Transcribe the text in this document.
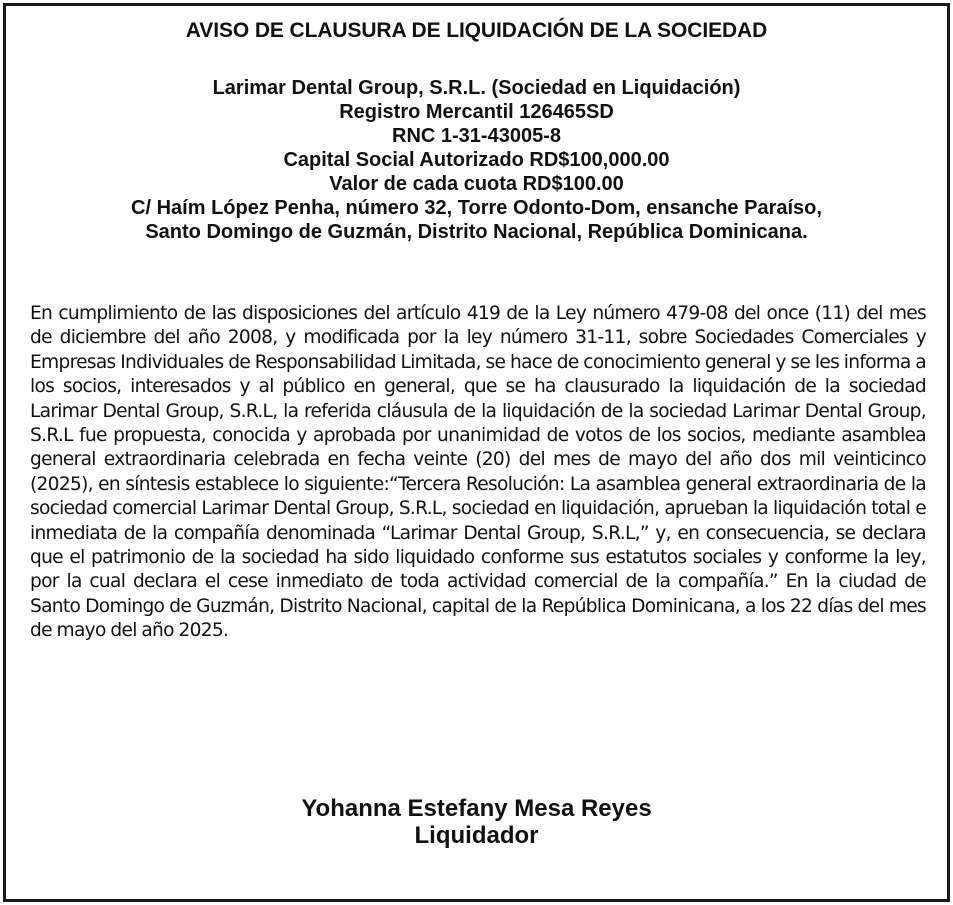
AVISO DE CLAUSURA DE LIQUIDACIÓN DE LA SOCIEDAD
Larimar Dental Group, S.R.L. (Sociedad en Liquidación)
Registro Mercantil 126465SD
RNC 1-31-43005-8
Capital Social Autorizado RD$100,000.00
Valor de cada cuota RD$100.00
C/ Haím López Penha, número 32, Torre Odonto-Dom, ensanche Paraíso,
Santo Domingo de Guzmán, Distrito Nacional, República Dominicana.
En cumplimiento de las disposiciones del artículo 419 de la Ley número 479-08 del once (11) del mes de diciembre del año 2008, y modificada por la ley número 31-11, sobre Sociedades Comerciales y Empresas Individuales de Responsabilidad Limitada, se hace de conocimiento general y se les informa a los socios, interesados y al público en general, que se ha clausurado la liquidación de la sociedad Larimar Dental Group, S.R.L, la referida cláusula de la liquidación de la sociedad Larimar Dental Group, S.R.L fue propuesta, conocida y aprobada por unanimidad de votos de los socios, mediante asamblea general extraordinaria celebrada en fecha veinte (20) del mes de mayo del año dos mil veinticinco (2025), en síntesis establece lo siguiente:“Tercera Resolución: La asamblea general extraordinaria de la sociedad comercial Larimar Dental Group, S.R.L, sociedad en liquidación, aprueban la liquidación total e inmediata de la compañía denominada “Larimar Dental Group, S.R.L,” y, en consecuencia, se declara que el patrimonio de la sociedad ha sido liquidado conforme sus estatutos sociales y conforme la ley, por la cual declara el cese inmediato de toda actividad comercial de la compañía.” En la ciudad de Santo Domingo de Guzmán, Distrito Nacional, capital de la República Dominicana, a los 22 días del mes de mayo del año 2025.
Yohanna Estefany Mesa Reyes
Liquidador
